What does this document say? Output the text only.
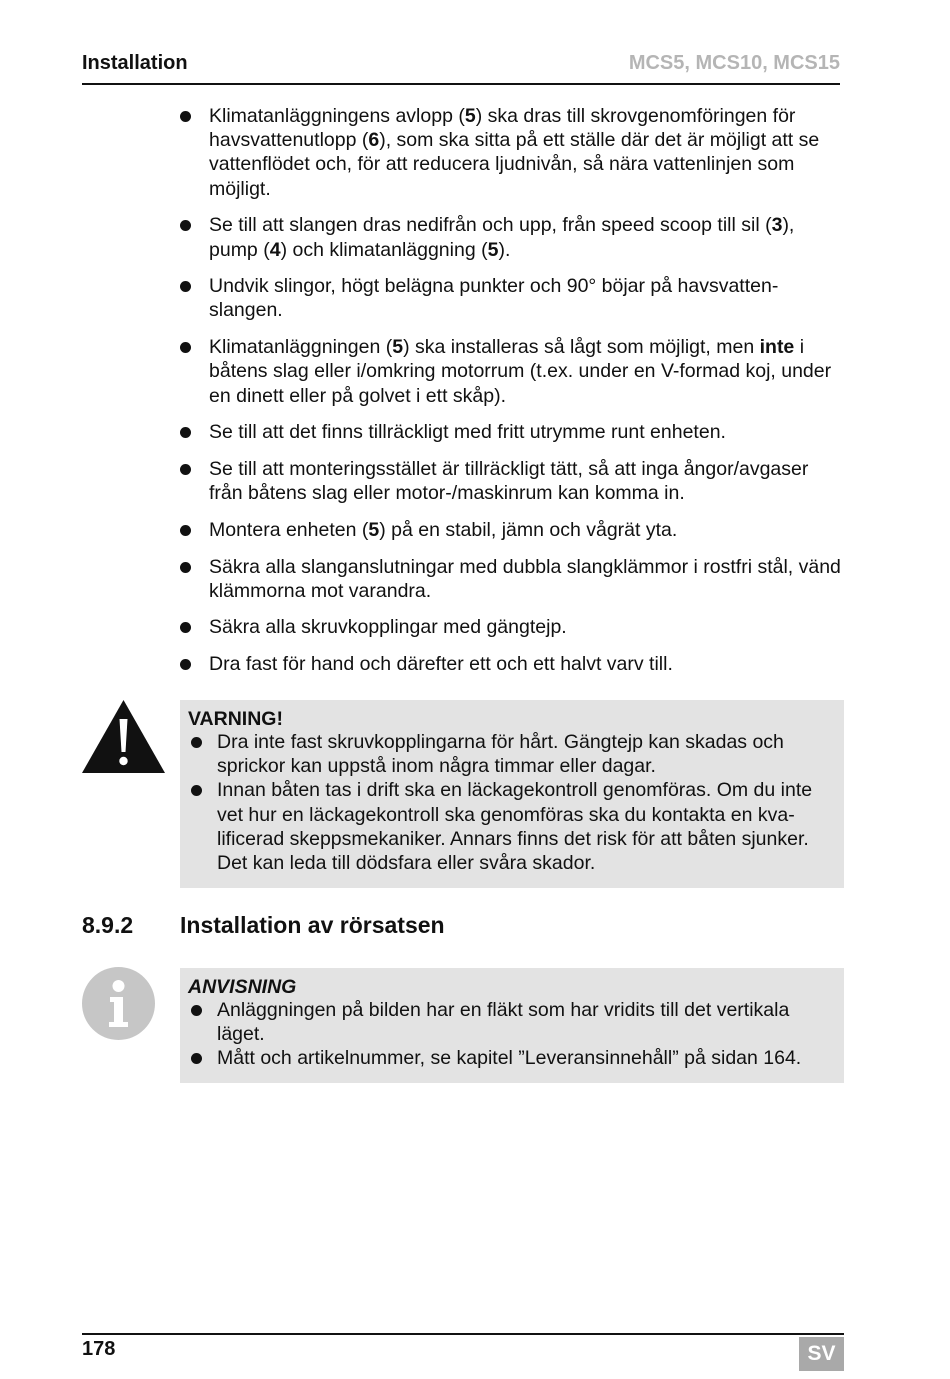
Installation	MCS5, MCS10, MCS15
Klimatanläggningens avlopp (5) ska dras till skrovgenomföringen för havsvattenutlopp (6), som ska sitta på ett ställe där det är möjligt att se vattenflödet och, för att reducera ljudnivån, så nära vattenlinjen som möjligt.
Se till att slangen dras nedifrån och upp, från speed scoop till sil (3), pump (4) och klimatanläggning (5).
Undvik slingor, högt belägna punkter och 90° böjar på havsvattenslangen.
Klimatanläggningen (5) ska installeras så lågt som möjligt, men inte i båtens slag eller i/omkring motorrum (t.ex. under en V-formad koj, under en dinett eller på golvet i ett skåp).
Se till att det finns tillräckligt med fritt utrymme runt enheten.
Se till att monteringsstället är tillräckligt tätt, så att inga ångor/avgaser från båtens slag eller motor-/maskinrum kan komma in.
Montera enheten (5) på en stabil, jämn och vågrät yta.
Säkra alla slanganslutningar med dubbla slangklämmor i rostfri stål, vänd klämmorna mot varandra.
Säkra alla skruvkopplingar med gängtejp.
Dra fast för hand och därefter ett och ett halvt varv till.
VARNING!
Dra inte fast skruvkopplingarna för hårt. Gängtejp kan skadas och sprickor kan uppstå inom några timmar eller dagar.
Innan båten tas i drift ska en läckagekontroll genomföras. Om du inte vet hur en läckagekontroll ska genomföras ska du kontakta en kvalificerad skeppsmekaniker. Annars finns det risk för att båten sjunker. Det kan leda till dödsfara eller svåra skador.
8.9.2 Installation av rörsatsen
ANVISNING
Anläggningen på bilden har en fläkt som har vridits till det vertikala läget.
Mått och artikelnummer, se kapitel ”Leveransinnehåll” på sidan 164.
178	SV
